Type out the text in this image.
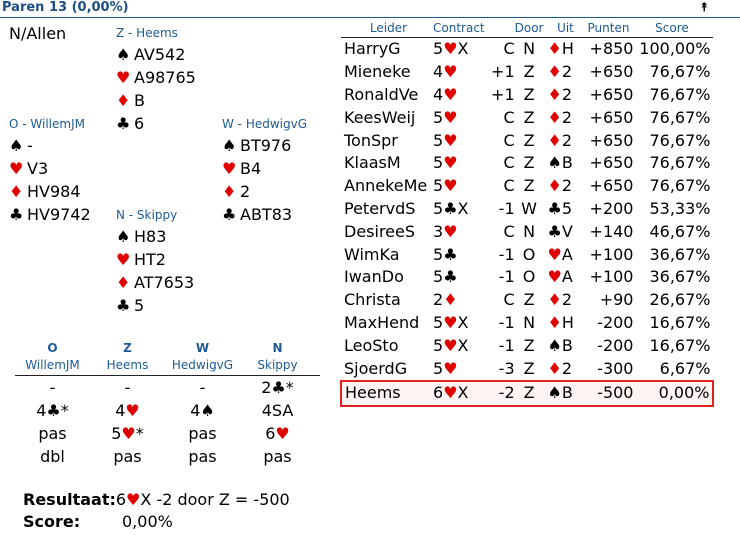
Paren 13 (0,00%)	⯭
N/Allen	Z - Heems
♠ AV542
♥ A98765
♦ B
♣ 6
O - WillemJM
♠ -
♥ V3
♦ HV984
♣ HV9742
W - HedwigvG
♠ BT976
♥ B4
♦ 2
♣ ABT83
N - Skippy
♠ H83
♥ HT2
♦ AT7653
♣ 5
O	Z	W	N
WillemJM	Heems	HedwigvG	Skippy
-	-	-	2♣*
4♣*	4♥	4♠	4SA
pas	5♥*	pas	6♥
dbl	pas	pas	pas
Resultaat:6♥X -2 door Z = -500
Score:	0,00%
Leider	Contract		Door	Uit	Punten	Score
HarryG	5♥X	C	N	♦H	+850	100,00%
Mieneke	4♥	+1	Z	♦2	+650	76,67%
RonaldVe	4♥	+1	Z	♦2	+650	76,67%
KeesWeij	5♥	C	Z	♦2	+650	76,67%
TonSpr	5♥	C	Z	♦2	+650	76,67%
KlaasM	5♥	C	Z	♠B	+650	76,67%
AnnekeMe	5♥	C	Z	♦2	+650	76,67%
PetervdS	5♣X	-1	W	♣5	+200	53,33%
DesireeS	3♥	C	N	♣V	+140	46,67%
WimKa	5♣	-1	O	♥A	+100	36,67%
IwanDo	5♣	-1	O	♥A	+100	36,67%
Christa	2♦	C	Z	♦2	+90	26,67%
MaxHend	5♥X	-1	N	♦H	-200	16,67%
LeoSto	5♥X	-1	Z	♠B	-200	16,67%
SjoerdG	5♥	-3	Z	♦2	-300	6,67%
Heems	6♥X	-2	Z	♠B	-500	0,00%
